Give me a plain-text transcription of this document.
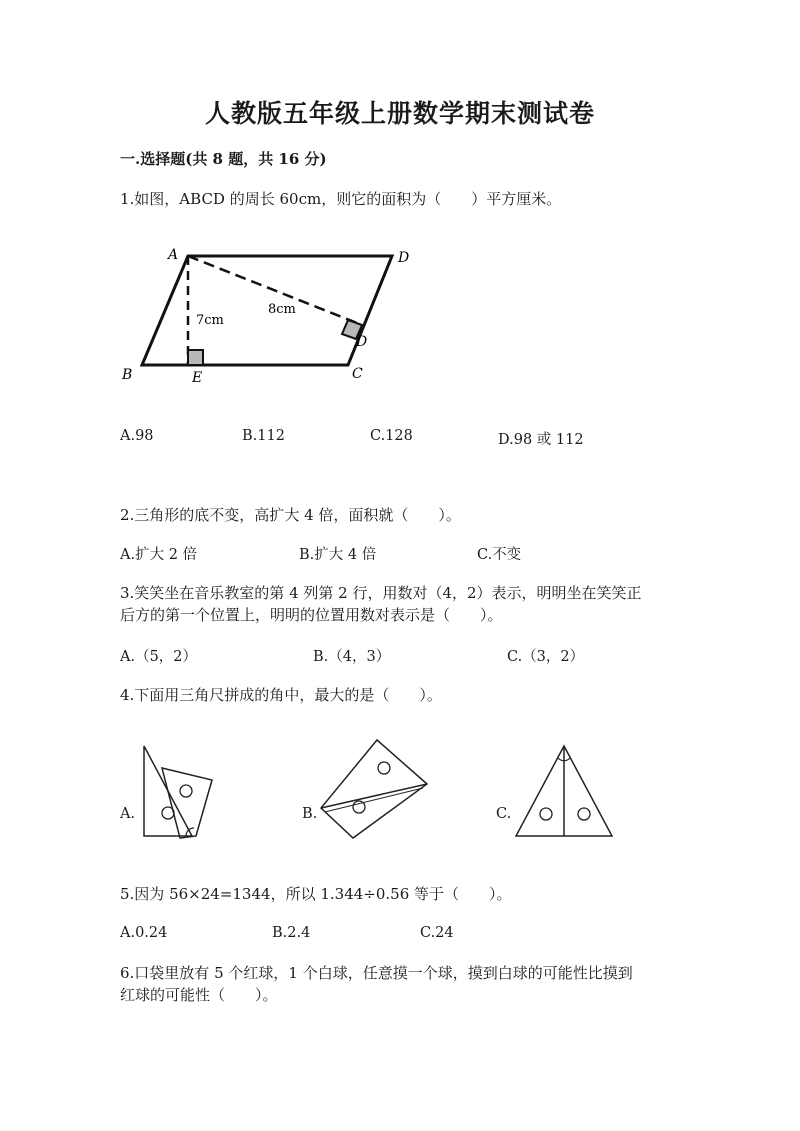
人教版五年级上册数学期末测试卷
一.选择题(共 8 题，共 16 分)
1.如图，ABCD 的周长 60cm，则它的面积为（　　）平方厘米。
A	D
B	C
E
D
7cm
8cm
A.98	B.112	C.128	D.98 或 112
2.三角形的底不变，高扩大 4 倍，面积就（　　）。
A.扩大 2 倍	B.扩大 4 倍	C.不变
3.笑笑坐在音乐教室的第 4 列第 2 行，用数对（4，2）表示，明明坐在笑笑正
后方的第一个位置上，明明的位置用数对表示是（　　）。
A.（5，2）	B.（4，3）	C.（3，2）
4.下面用三角尺拼成的角中，最大的是（　　）。
A.	B.	C.
5.因为 56×24=1344，所以 1.344÷0.56 等于（　　）。
A.0.24	B.2.4	C.24
6.口袋里放有 5 个红球，1 个白球，任意摸一个球，摸到白球的可能性比摸到
红球的可能性（　　）。
